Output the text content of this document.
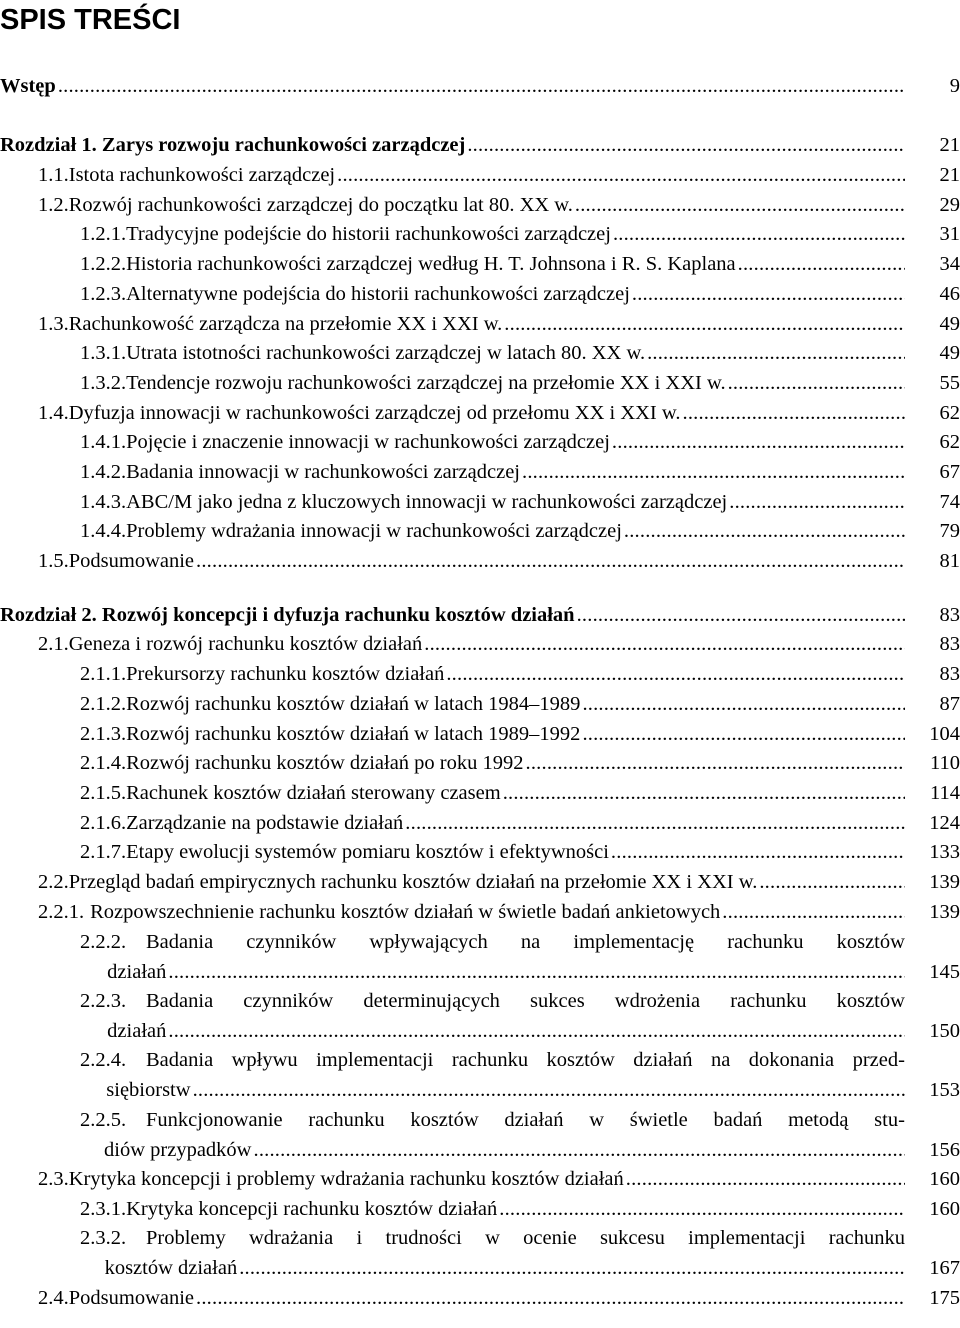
SPIS TREŚCI
Wstęp .....	9
Rozdział 1. Zarys rozwoju rachunkowości zarządczej .....	21
1.1. Istota rachunkowości zarządczej .....	21
1.2. Rozwój rachunkowości zarządczej do początku lat 80. XX w. .....	29
1.2.1. Tradycyjne podejście do historii rachunkowości zarządczej .....	31
1.2.2. Historia rachunkowości zarządczej według H. T. Johnsona i R. S. Kaplana .....	34
1.2.3. Alternatywne podejścia do historii rachunkowości zarządczej .....	46
1.3. Rachunkowość zarządcza na przełomie XX i XXI w. .....	49
1.3.1. Utrata istotności rachunkowości zarządczej w latach 80. XX w. .....	49
1.3.2. Tendencje rozwoju rachunkowości zarządczej na przełomie XX i XXI w. .....	55
1.4. Dyfuzja innowacji w rachunkowości zarządczej od przełomu XX i XXI w. .....	62
1.4.1. Pojęcie i znaczenie innowacji w rachunkowości zarządczej .....	62
1.4.2. Badania innowacji w rachunkowości zarządczej .....	67
1.4.3. ABC/M jako jedna z kluczowych innowacji w rachunkowości zarządczej .....	74
1.4.4. Problemy wdrażania innowacji w rachunkowości zarządczej .....	79
1.5. Podsumowanie .....	81
Rozdział 2. Rozwój koncepcji i dyfuzja rachunku kosztów działań .....	83
2.1. Geneza i rozwój rachunku kosztów działań .....	83
2.1.1. Prekursorzy rachunku kosztów działań .....	83
2.1.2. Rozwój rachunku kosztów działań w latach 1984–1989 .....	87
2.1.3. Rozwój rachunku kosztów działań w latach 1989–1992 .....	104
2.1.4. Rozwój rachunku kosztów działań po roku 1992 .....	110
2.1.5. Rachunek kosztów działań sterowany czasem .....	114
2.1.6. Zarządzanie na podstawie działań .....	124
2.1.7. Etapy ewolucji systemów pomiaru kosztów i efektywności .....	133
2.2. Przegląd badań empirycznych rachunku kosztów działań na przełomie XX i XXI w. .....	139
2.2.1. Rozpowszechnienie rachunku kosztów działań w świetle badań ankietowych .....	139
2.2.2. Badania czynników wpływających na implementację rachunku kosztów
działań .....	145
2.2.3. Badania czynników determinujących sukces wdrożenia rachunku kosztów
działań .....	150
2.2.4. Badania wpływu implementacji rachunku kosztów działań na dokonania przed-
siębiorstw .....	153
2.2.5. Funkcjonowanie rachunku kosztów działań w świetle badań metodą stu-
diów przypadków .....	156
2.3. Krytyka koncepcji i problemy wdrażania rachunku kosztów działań .....	160
2.3.1. Krytyka koncepcji rachunku kosztów działań .....	160
2.3.2. Problemy wdrażania i trudności w ocenie sukcesu implementacji rachunku
kosztów działań .....	167
2.4. Podsumowanie .....	175
